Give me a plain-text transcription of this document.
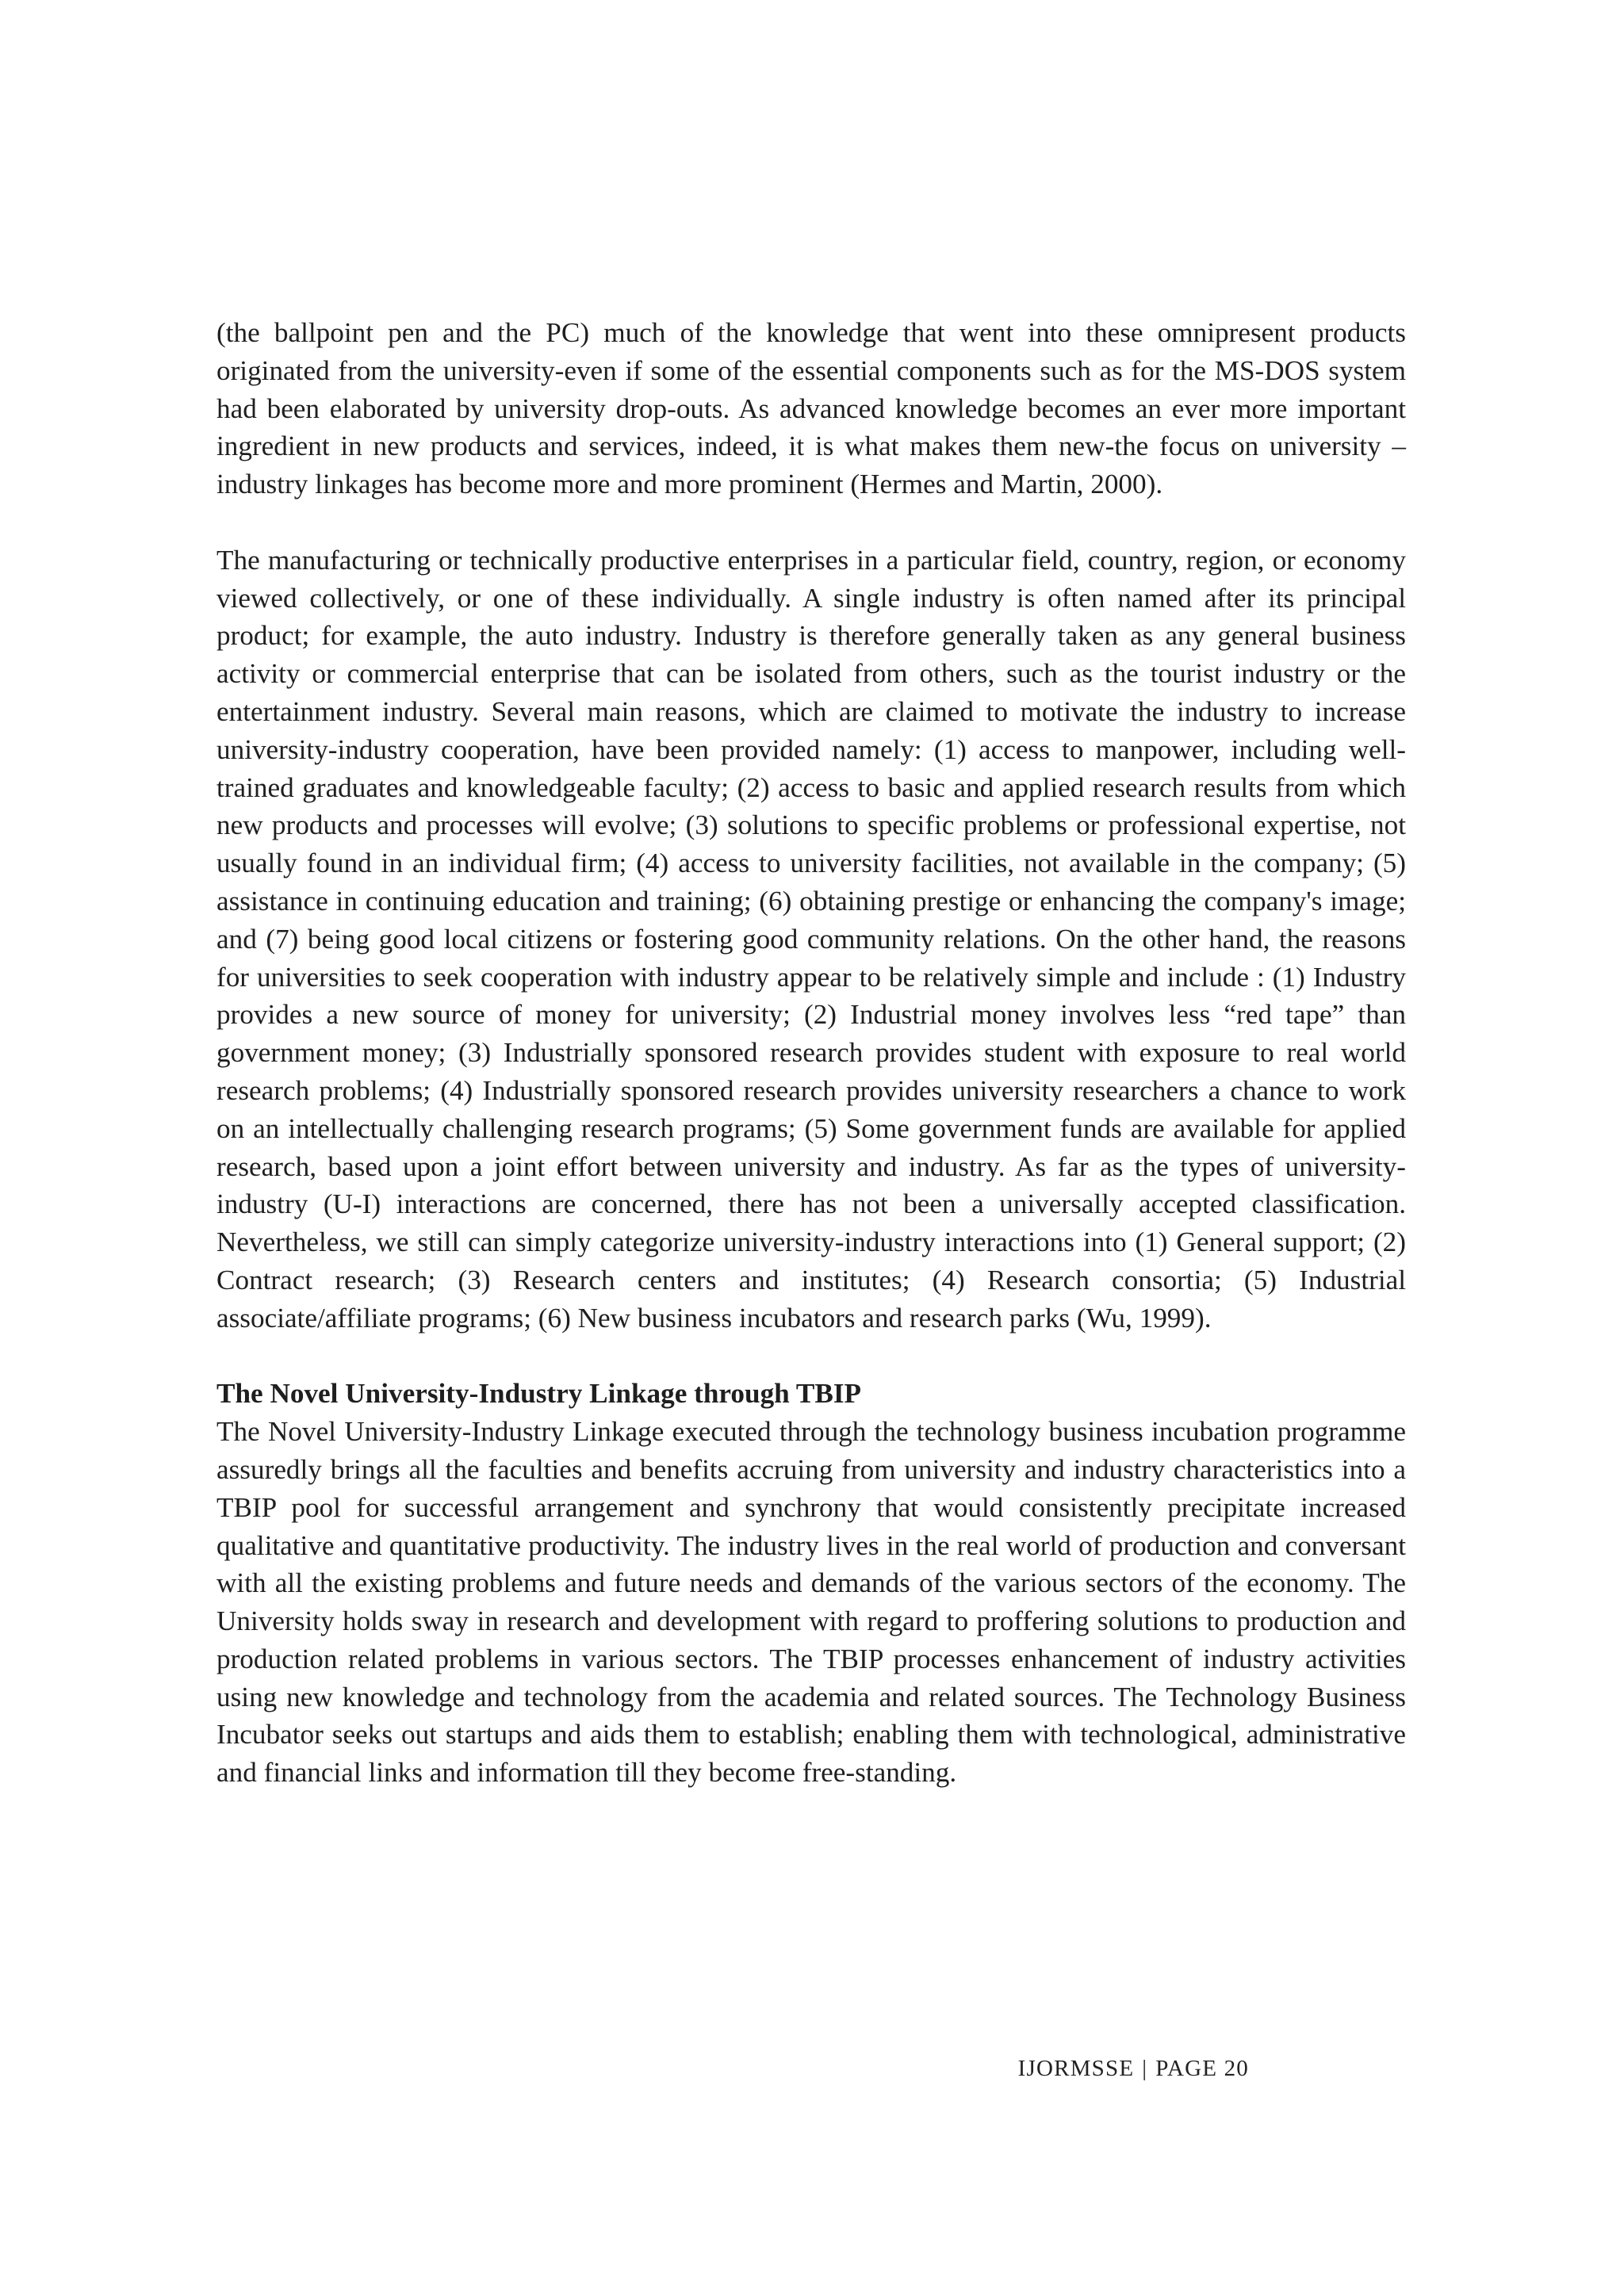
(the ballpoint pen and the PC) much of the knowledge that went into these omnipresent products originated from the university-even if some of the essential components such as for the MS-DOS system had been elaborated by university drop-outs. As advanced knowledge becomes an ever more important ingredient in new products and services, indeed, it is what makes them new-the focus on university –industry linkages has become more and more prominent (Hermes and Martin, 2000).

The manufacturing or technically productive enterprises in a particular field, country, region, or economy viewed collectively, or one of these individually. A single industry is often named after its principal product; for example, the auto industry. Industry is therefore generally taken as any general business activity or commercial enterprise that can be isolated from others, such as the tourist industry or the entertainment industry. Several main reasons, which are claimed to motivate the industry to increase university-industry cooperation, have been provided namely: (1) access to manpower, including well-trained graduates and knowledgeable faculty; (2) access to basic and applied research results from which new products and processes will evolve; (3) solutions to specific problems or professional expertise, not usually found in an individual firm; (4) access to university facilities, not available in the company; (5) assistance in continuing education and training; (6) obtaining prestige or enhancing the company's image; and (7) being good local citizens or fostering good community relations. On the other hand, the reasons for universities to seek cooperation with industry appear to be relatively simple and include : (1) Industry provides a new source of money for university; (2) Industrial money involves less “red tape” than government money; (3) Industrially sponsored research provides student with exposure to real world research problems; (4) Industrially sponsored research provides university researchers a chance to work on an intellectually challenging research programs; (5) Some government funds are available for applied research, based upon a joint effort between university and industry. As far as the types of university-industry (U-I) interactions are concerned, there has not been a universally accepted classification. Nevertheless, we still can simply categorize university-industry interactions into (1) General support; (2) Contract research; (3) Research centers and institutes; (4) Research consortia; (5) Industrial associate/affiliate programs; (6) New business incubators and research parks (Wu, 1999).

The Novel University-Industry Linkage through TBIP

The Novel University-Industry Linkage executed through the technology business incubation programme assuredly brings all the faculties and benefits accruing from university and industry characteristics into a TBIP pool for successful arrangement and synchrony that would consistently precipitate increased qualitative and quantitative productivity. The industry lives in the real world of production and conversant with all the existing problems and future needs and demands of the various sectors of the economy. The University holds sway in research and development with regard to proffering solutions to production and production related problems in various sectors. The TBIP processes enhancement of industry activities using new knowledge and technology from the academia and related sources. The Technology Business Incubator seeks out startups and aids them to establish; enabling them with technological, administrative and financial links and information till they become free-standing.

IJORMSSE | PAGE 20
